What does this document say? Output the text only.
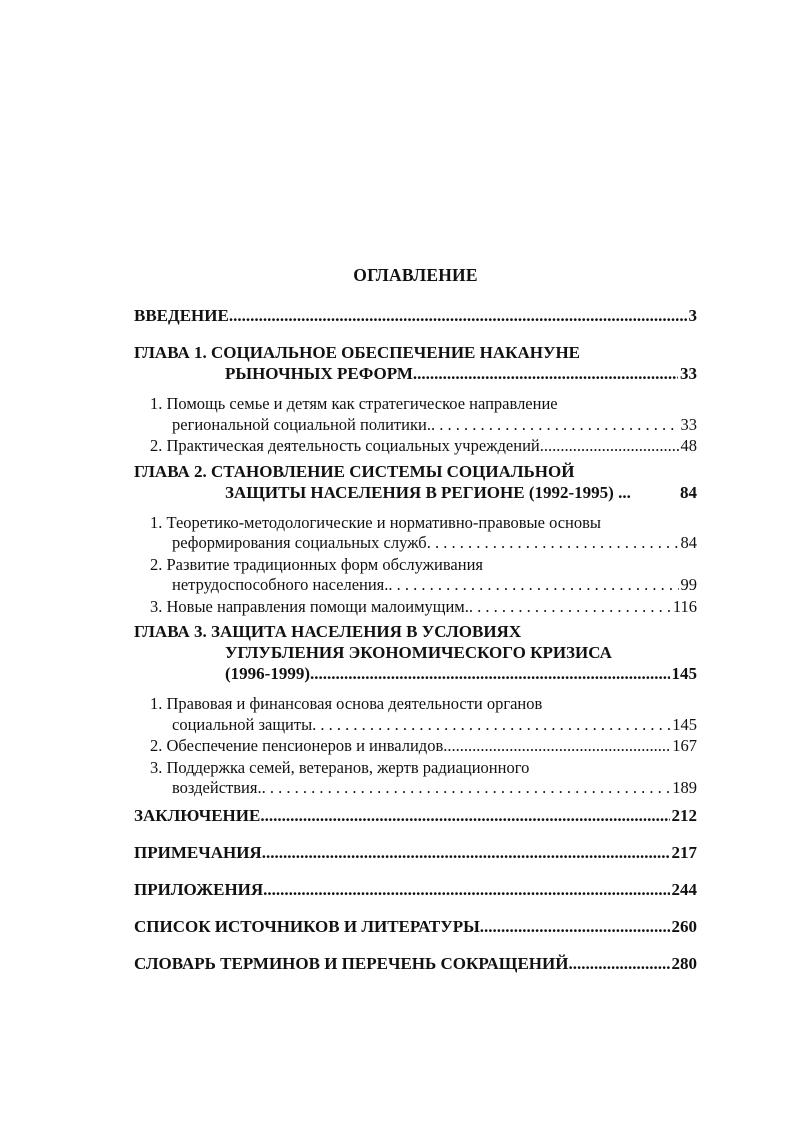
ОГЛАВЛЕНИЕ
ВВЕДЕНИЕ .....	3
ГЛАВА 1. СОЦИАЛЬНОЕ ОБЕСПЕЧЕНИЕ НАКАНУНЕ
РЫНОЧНЫХ РЕФОРМ .....	33
1. Помощь семье и детям как стратегическое направление
региональной социальной политики. . . .	33
2. Практическая деятельность социальных учреждений .....	48
ГЛАВА 2. СТАНОВЛЕНИЕ СИСТЕМЫ СОЦИАЛЬНОЙ
ЗАЩИТЫ НАСЕЛЕНИЯ В РЕГИОНЕ (1992-1995) ...	84
1. Теоретико-методологические и нормативно-правовые основы
реформирования социальных служб . . .	84
2. Развитие традиционных форм обслуживания
нетрудоспособного населения. . . .	99
3. Новые направления помощи малоимущим. . . .	116
ГЛАВА 3. ЗАЩИТА НАСЕЛЕНИЯ В УСЛОВИЯХ
УГЛУБЛЕНИЯ ЭКОНОМИЧЕСКОГО КРИЗИСА
(1996-1999) .....	145
1. Правовая и финансовая основа деятельности органов
социальной защиты . . .	145
2. Обеспечение пенсионеров и инвалидов .....	167
3. Поддержка семей, ветеранов, жертв радиационного
воздействия. . . .	189
ЗАКЛЮЧЕНИЕ .....	212
ПРИМЕЧАНИЯ .....	217
ПРИЛОЖЕНИЯ .....	244
СПИСОК ИСТОЧНИКОВ И ЛИТЕРАТУРЫ .....	260
СЛОВАРЬ ТЕРМИНОВ И ПЕРЕЧЕНЬ СОКРАЩЕНИЙ .....	280
